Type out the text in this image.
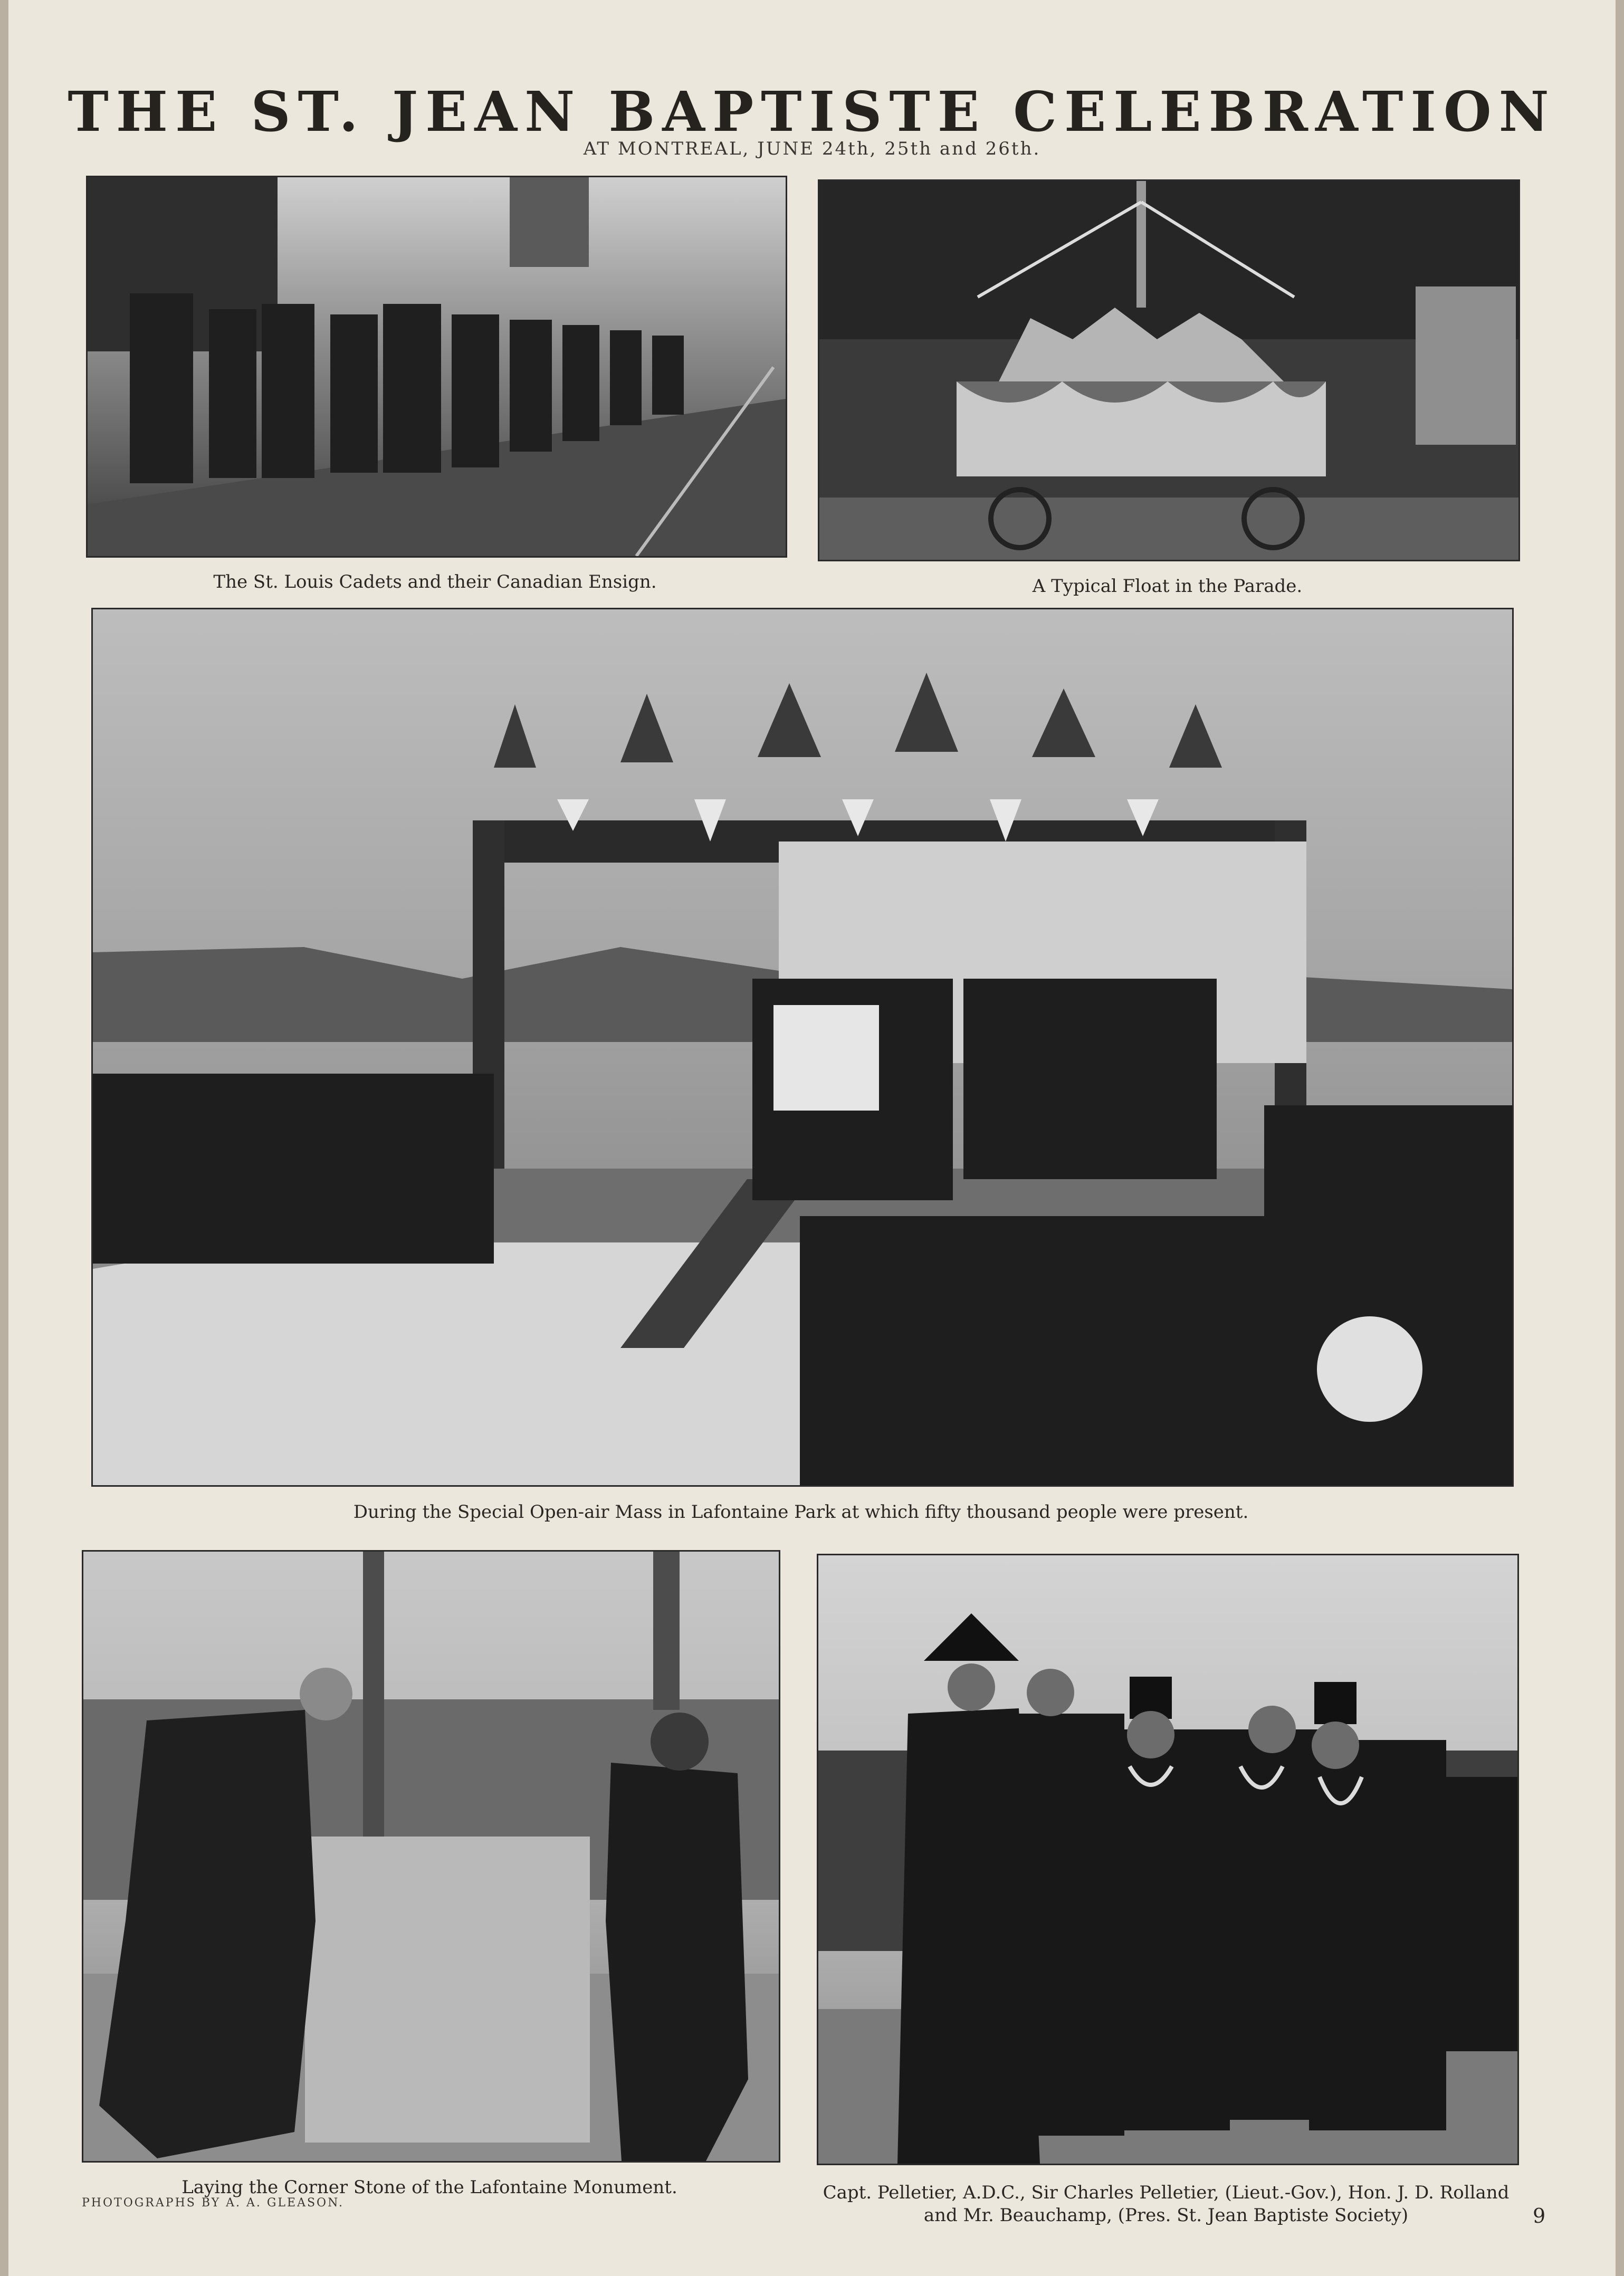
THE ST. JEAN BAPTISTE CELEBRATION
AT MONTREAL, JUNE 24th, 25th and 26th.
The St. Louis Cadets and their Canadian Ensign.	A Typical Float in the Parade.
During the Special Open-air Mass in Lafontaine Park at which fifty thousand people were present.
Laying the Corner Stone of the Lafontaine Monument.	Capt. Pelletier, A.D.C., Sir Charles Pelletier, (Lieut.-Gov.), Hon. J. D. Rolland
and Mr. Beauchamp, (Pres. St. Jean Baptiste Society)
PHOTOGRAPHS BY A. A. GLEASON.
9
